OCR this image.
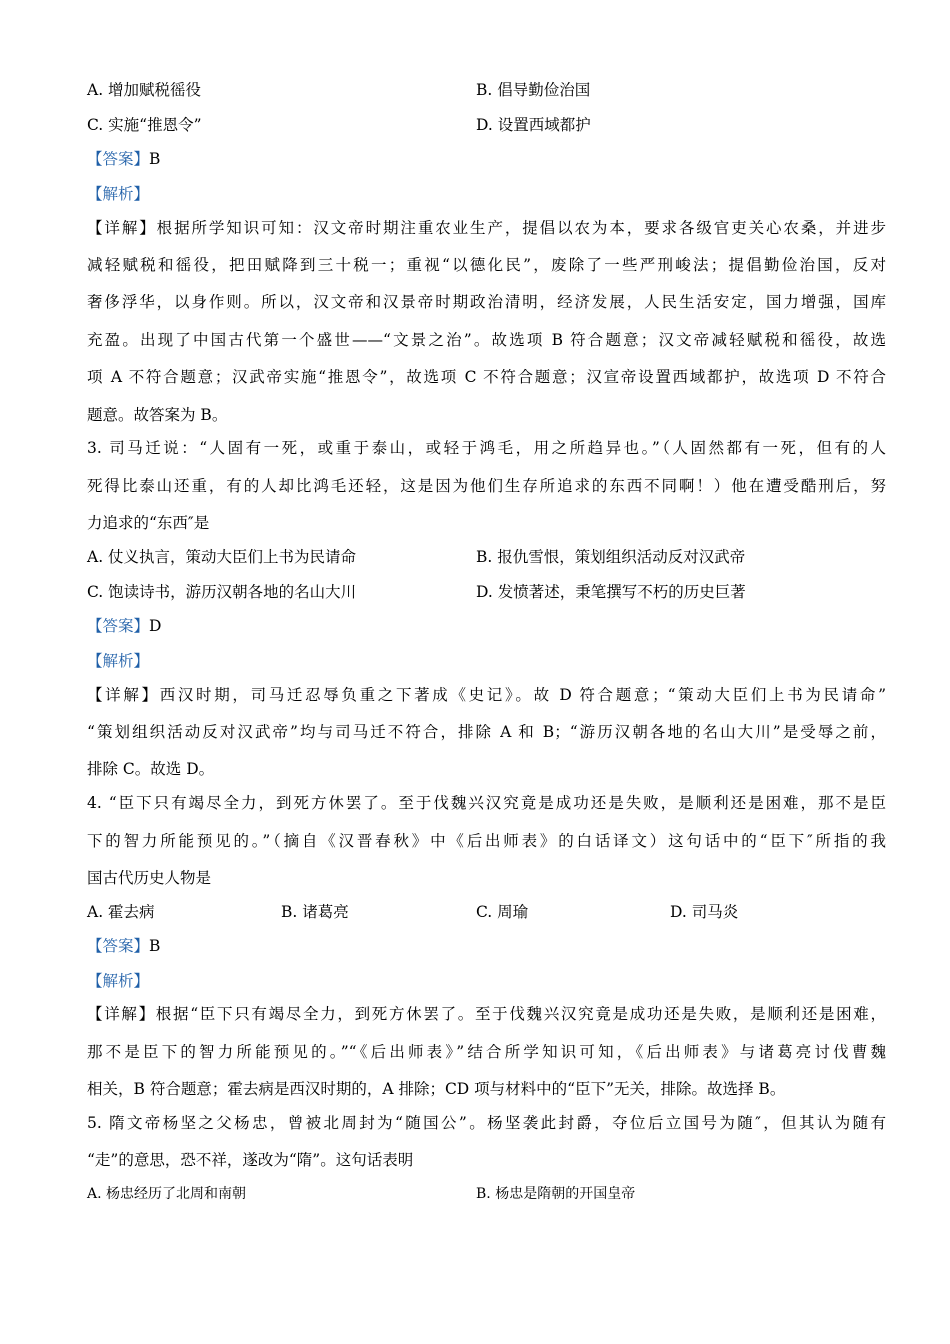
A. 增加赋税徭役	B. 倡导勤俭治国
C. 实施“推恩令”	D. 设置西域都护
【答案】B
【解析】
【详解】根据所学知识可知：汉文帝时期注重农业生产，提倡以农为本，要求各级官吏关心农桑，并进步
减轻赋税和徭役，把田赋降到三十税一；重视“以德化民”，废除了一些严刑峻法；提倡勤俭治国，反对
奢侈浮华，以身作则。所以，汉文帝和汉景帝时期政治清明，经济发展，人民生活安定，国力增强，国库
充盈。出现了中国古代第一个盛世——“文景之治”。故选项 B 符合题意；汉文帝减轻赋税和徭役，故选
项 A 不符合题意；汉武帝实施“推恩令”，故选项 C 不符合题意；汉宣帝设置西域都护，故选项 D 不符合
题意。故答案为 B。
3. 司马迁说：“人固有一死，或重于泰山，或轻于鸿毛，用之所趋异也。”（人固然都有一死，但有的人
死得比泰山还重，有的人却比鸿毛还轻，这是因为他们生存所追求的东西不同啊！）他在遭受酷刑后，努
力追求的“东西″是
A. 仗义执言，策动大臣们上书为民请命	B. 报仇雪恨，策划组织活动反对汉武帝
C. 饱读诗书，游历汉朝各地的名山大川	D. 发愤著述，秉笔撰写不朽的历史巨著
【答案】D
【解析】
【详解】西汉时期，司马迁忍辱负重之下著成《史记》。故 D 符合题意；“策动大臣们上书为民请命”
“策划组织活动反对汉武帝”均与司马迁不符合，排除 A 和 B；“游历汉朝各地的名山大川”是受辱之前，
排除 C。故选 D。
4. “臣下只有竭尽全力，到死方休罢了。至于伐魏兴汉究竟是成功还是失败，是顺利还是困难，那不是臣
下的智力所能预见的。”（摘自《汉晋春秋》中《后出师表》的白话译文）这句话中的“臣下″所指的我
国古代历史人物是
A. 霍去病	B. 诸葛亮	C. 周瑜	D. 司马炎
【答案】B
【解析】
【详解】根据“臣下只有竭尽全力，到死方休罢了。至于伐魏兴汉究竟是成功还是失败，是顺利还是困难，
那不是臣下的智力所能预见的。”“《后出师表》”结合所学知识可知，《后出师表》与诸葛亮讨伐曹魏
相关，B 符合题意；霍去病是西汉时期的，A 排除；CD 项与材料中的“臣下”无关，排除。故选择 B。
5. 隋文帝杨坚之父杨忠，曾被北周封为“随国公”。杨坚袭此封爵，夺位后立国号为随″，但其认为随有
“走”的意思，恐不祥，遂改为“隋”。这句话表明
A. 杨忠经历了北周和南朝	B. 杨忠是隋朝的开国皇帝
